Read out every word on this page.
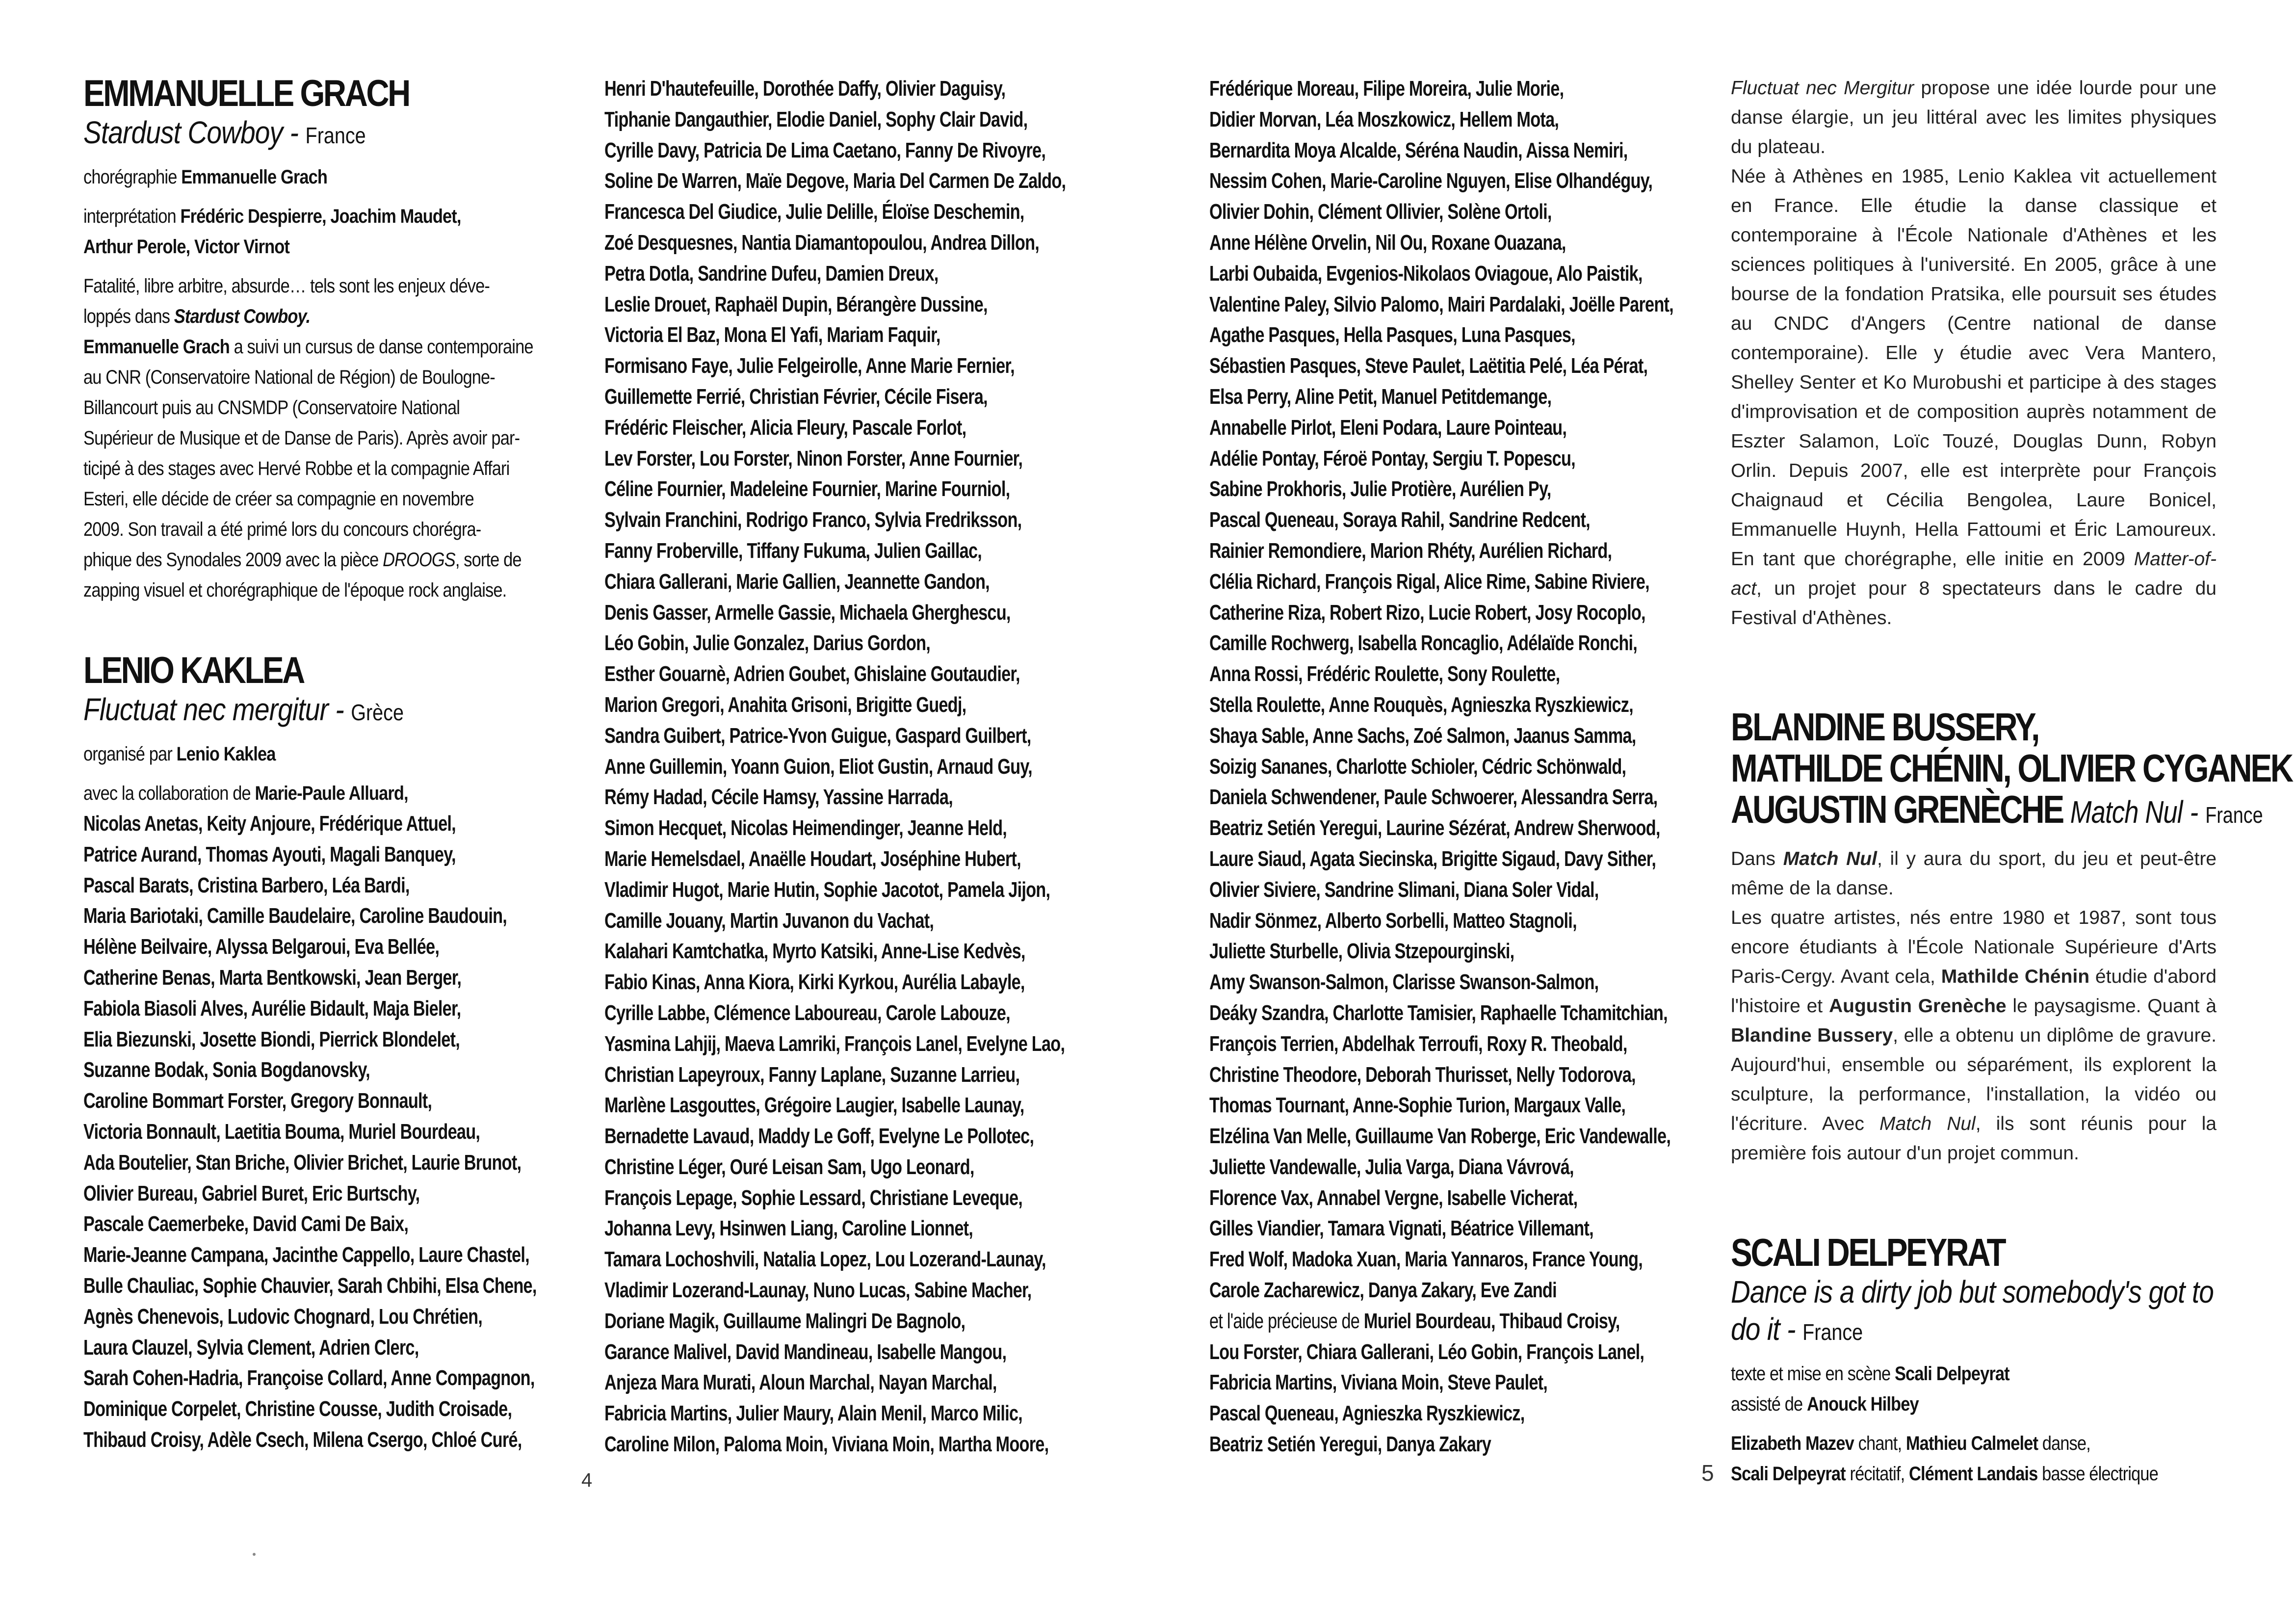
EMMANUELLE GRACH

Stardust Cowboy - France

chorégraphie Emmanuelle Grach

interprétation Frédéric Despierre, Joachim Maudet,

Arthur Perole, Victor Virnot

Fatalité, libre arbitre, absurde… tels sont les enjeux déve-

loppés dans Stardust Cowboy.

Emmanuelle Grach a suivi un cursus de danse contemporaine

au CNR (Conservatoire National de Région) de Boulogne-

Billancourt puis au CNSMDP (Conservatoire National

Supérieur de Musique et de Danse de Paris). Après avoir par-

ticipé à des stages avec Hervé Robbe et la compagnie Affari

Esteri, elle décide de créer sa compagnie en novembre

2009. Son travail a été primé lors du concours chorégra-

phique des Synodales 2009 avec la pièce DROOGS, sorte de

zapping visuel et chorégraphique de l'époque rock anglaise.

LENIO KAKLEA

Fluctuat nec mergitur - Grèce

organisé par Lenio Kaklea

avec la collaboration de Marie-Paule Alluard,

Nicolas Anetas, Keity Anjoure, Frédérique Attuel,

Patrice Aurand, Thomas Ayouti, Magali Banquey,

Pascal Barats, Cristina Barbero, Léa Bardi,

Maria Bariotaki, Camille Baudelaire, Caroline Baudouin,

Hélène Beilvaire, Alyssa Belgaroui, Eva Bellée,

Catherine Benas, Marta Bentkowski, Jean Berger,

Fabiola Biasoli Alves, Aurélie Bidault, Maja Bieler,

Elia Biezunski, Josette Biondi, Pierrick Blondelet,

Suzanne Bodak, Sonia Bogdanovsky,

Caroline Bommart Forster, Gregory Bonnault,

Victoria Bonnault, Laetitia Bouma, Muriel Bourdeau,

Ada Boutelier, Stan Briche, Olivier Brichet, Laurie Brunot,

Olivier Bureau, Gabriel Buret, Eric Burtschy,

Pascale Caemerbeke, David Cami De Baix,

Marie-Jeanne Campana, Jacinthe Cappello, Laure Chastel,

Bulle Chauliac, Sophie Chauvier, Sarah Chbihi, Elsa Chene,

Agnès Chenevois, Ludovic Chognard, Lou Chrétien,

Laura Clauzel, Sylvia Clement, Adrien Clerc,

Sarah Cohen-Hadria, Françoise Collard, Anne Compagnon,

Dominique Corpelet, Christine Cousse, Judith Croisade,

Thibaud Croisy, Adèle Csech, Milena Csergo, Chloé Curé,

Henri D'hautefeuille, Dorothée Daffy, Olivier Daguisy,

Tiphanie Dangauthier, Elodie Daniel, Sophy Clair David,

Cyrille Davy, Patricia De Lima Caetano, Fanny De Rivoyre,

Soline De Warren, Maïe Degove, Maria Del Carmen De Zaldo,

Francesca Del Giudice, Julie Delille, Éloïse Deschemin,

Zoé Desquesnes, Nantia Diamantopoulou, Andrea Dillon,

Petra Dotla, Sandrine Dufeu, Damien Dreux,

Leslie Drouet, Raphaël Dupin, Bérangère Dussine,

Victoria El Baz, Mona El Yafi, Mariam Faquir,

Formisano Faye, Julie Felgeirolle, Anne Marie Fernier,

Guillemette Ferrié, Christian Février, Cécile Fisera,

Frédéric Fleischer, Alicia Fleury, Pascale Forlot,

Lev Forster, Lou Forster, Ninon Forster, Anne Fournier,

Céline Fournier, Madeleine Fournier, Marine Fourniol,

Sylvain Franchini, Rodrigo Franco, Sylvia Fredriksson,

Fanny Froberville, Tiffany Fukuma, Julien Gaillac,

Chiara Gallerani, Marie Gallien, Jeannette Gandon,

Denis Gasser, Armelle Gassie, Michaela Gherghescu,

Léo Gobin, Julie Gonzalez, Darius Gordon,

Esther Gouarnè, Adrien Goubet, Ghislaine Goutaudier,

Marion Gregori, Anahita Grisoni, Brigitte Guedj,

Sandra Guibert, Patrice-Yvon Guigue, Gaspard Guilbert,

Anne Guillemin, Yoann Guion, Eliot Gustin, Arnaud Guy,

Rémy Hadad, Cécile Hamsy, Yassine Harrada,

Simon Hecquet, Nicolas Heimendinger, Jeanne Held,

Marie Hemelsdael, Anaëlle Houdart, Joséphine Hubert,

Vladimir Hugot, Marie Hutin, Sophie Jacotot, Pamela Jijon,

Camille Jouany, Martin Juvanon du Vachat,

Kalahari Kamtchatka, Myrto Katsiki, Anne-Lise Kedvès,

Fabio Kinas, Anna Kiora, Kirki Kyrkou, Aurélia Labayle,

Cyrille Labbe, Clémence Laboureau, Carole Labouze,

Yasmina Lahjij, Maeva Lamriki, François Lanel, Evelyne Lao,

Christian Lapeyroux, Fanny Laplane, Suzanne Larrieu,

Marlène Lasgouttes, Grégoire Laugier, Isabelle Launay,

Bernadette Lavaud, Maddy Le Goff, Evelyne Le Pollotec,

Christine Léger, Ouré Leisan Sam, Ugo Leonard,

François Lepage, Sophie Lessard, Christiane Leveque,

Johanna Levy, Hsinwen Liang, Caroline Lionnet,

Tamara Lochoshvili, Natalia Lopez, Lou Lozerand-Launay,

Vladimir Lozerand-Launay, Nuno Lucas, Sabine Macher,

Doriane Magik, Guillaume Malingri De Bagnolo,

Garance Malivel, David Mandineau, Isabelle Mangou,

Anjeza Mara Murati, Aloun Marchal, Nayan Marchal,

Fabricia Martins, Julier Maury, Alain Menil, Marco Milic,

Caroline Milon, Paloma Moin, Viviana Moin, Martha Moore,

4

Frédérique Moreau, Filipe Moreira, Julie Morie,

Didier Morvan, Léa Moszkowicz, Hellem Mota,

Bernardita Moya Alcalde, Séréna Naudin, Aissa Nemiri,

Nessim Cohen, Marie-Caroline Nguyen, Elise Olhandéguy,

Olivier Dohin, Clément Ollivier, Solène Ortoli,

Anne Hélène Orvelin, Nil Ou, Roxane Ouazana,

Larbi Oubaida, Evgenios-Nikolaos Oviagoue, Alo Paistik,

Valentine Paley, Silvio Palomo, Mairi Pardalaki, Joëlle Parent,

Agathe Pasques, Hella Pasques, Luna Pasques,

Sébastien Pasques, Steve Paulet, Laëtitia Pelé, Léa Pérat,

Elsa Perry, Aline Petit, Manuel Petitdemange,

Annabelle Pirlot, Eleni Podara, Laure Pointeau,

Adélie Pontay, Féroë Pontay, Sergiu T. Popescu,

Sabine Prokhoris, Julie Protière, Aurélien Py,

Pascal Queneau, Soraya Rahil, Sandrine Redcent,

Rainier Remondiere, Marion Rhéty, Aurélien Richard,

Clélia Richard, François Rigal, Alice Rime, Sabine Riviere,

Catherine Riza, Robert Rizo, Lucie Robert, Josy Rocoplo,

Camille Rochwerg, Isabella Roncaglio, Adélaïde Ronchi,

Anna Rossi, Frédéric Roulette, Sony Roulette,

Stella Roulette, Anne Rouquès, Agnieszka Ryszkiewicz,

Shaya Sable, Anne Sachs, Zoé Salmon, Jaanus Samma,

Soizig Sananes, Charlotte Schioler, Cédric Schönwald,

Daniela Schwendener, Paule Schwoerer, Alessandra Serra,

Beatriz Setién Yeregui, Laurine Sézérat, Andrew Sherwood,

Laure Siaud, Agata Siecinska, Brigitte Sigaud, Davy Sither,

Olivier Siviere, Sandrine Slimani, Diana Soler Vidal,

Nadir Sönmez, Alberto Sorbelli, Matteo Stagnoli,

Juliette Sturbelle, Olivia Stzepourginski,

Amy Swanson-Salmon, Clarisse Swanson-Salmon,

Deáky Szandra, Charlotte Tamisier, Raphaelle Tchamitchian,

François Terrien, Abdelhak Terroufi, Roxy R. Theobald,

Christine Theodore, Deborah Thurisset, Nelly Todorova,

Thomas Tournant, Anne-Sophie Turion, Margaux Valle,

Elzélina Van Melle, Guillaume Van Roberge, Eric Vandewalle,

Juliette Vandewalle, Julia Varga, Diana Vávrová,

Florence Vax, Annabel Vergne, Isabelle Vicherat,

Gilles Viandier, Tamara Vignati, Béatrice Villemant,

Fred Wolf, Madoka Xuan, Maria Yannaros, France Young,

Carole Zacharewicz, Danya Zakary, Eve Zandi

et l'aide précieuse de Muriel Bourdeau, Thibaud Croisy,

Lou Forster, Chiara Gallerani, Léo Gobin, François Lanel,

Fabricia Martins, Viviana Moin, Steve Paulet,

Pascal Queneau, Agnieszka Ryszkiewicz,

Beatriz Setién Yeregui, Danya Zakary

5

Fluctuat nec Mergitur propose une idée lourde pour une danse élargie, un jeu littéral avec les limites physiques du plateau.

Née à Athènes en 1985, Lenio Kaklea vit actuellement en France. Elle étudie la danse classique et contemporaine à l'École Nationale d'Athènes et les sciences politiques à l'université. En 2005, grâce à une bourse de la fondation Pratsika, elle poursuit ses études au CNDC d'Angers (Centre national de danse contemporaine). Elle y étudie avec Vera Mantero, Shelley Senter et Ko Murobushi et participe à des stages d'improvisation et de composition auprès notamment de Eszter Salamon, Loïc Touzé, Douglas Dunn, Robyn Orlin. Depuis 2007, elle est interprète pour François Chaignaud et Cécilia Bengolea, Laure Bonicel, Emmanuelle Huynh, Hella Fattoumi et Éric Lamoureux. En tant que chorégraphe, elle initie en 2009 Matter-of-act, un projet pour 8 spectateurs dans le cadre du Festival d'Athènes.

BLANDINE BUSSERY,

MATHILDE CHÉNIN, OLIVIER CYGANEK

AUGUSTIN GRENÈCHE Match Nul - France

Dans Match Nul, il y aura du sport, du jeu et peut-être même de la danse.

Les quatre artistes, nés entre 1980 et 1987, sont tous encore étudiants à l'École Nationale Supérieure d'Arts Paris-Cergy. Avant cela, Mathilde Chénin étudie d'abord l'histoire et Augustin Grenèche le paysagisme. Quant à Blandine Bussery, elle a obtenu un diplôme de gravure. Aujourd'hui, ensemble ou séparément, ils explorent la sculpture, la performance, l'installation, la vidéo ou l'écriture. Avec Match Nul, ils sont réunis pour la première fois autour d'un projet commun.

SCALI DELPEYRAT

Dance is a dirty job but somebody's got to do it - France

texte et mise en scène Scali Delpeyrat

assisté de Anouck Hilbey

Elizabeth Mazev chant, Mathieu Calmelet danse,

Scali Delpeyrat récitatif, Clément Landais basse électrique
